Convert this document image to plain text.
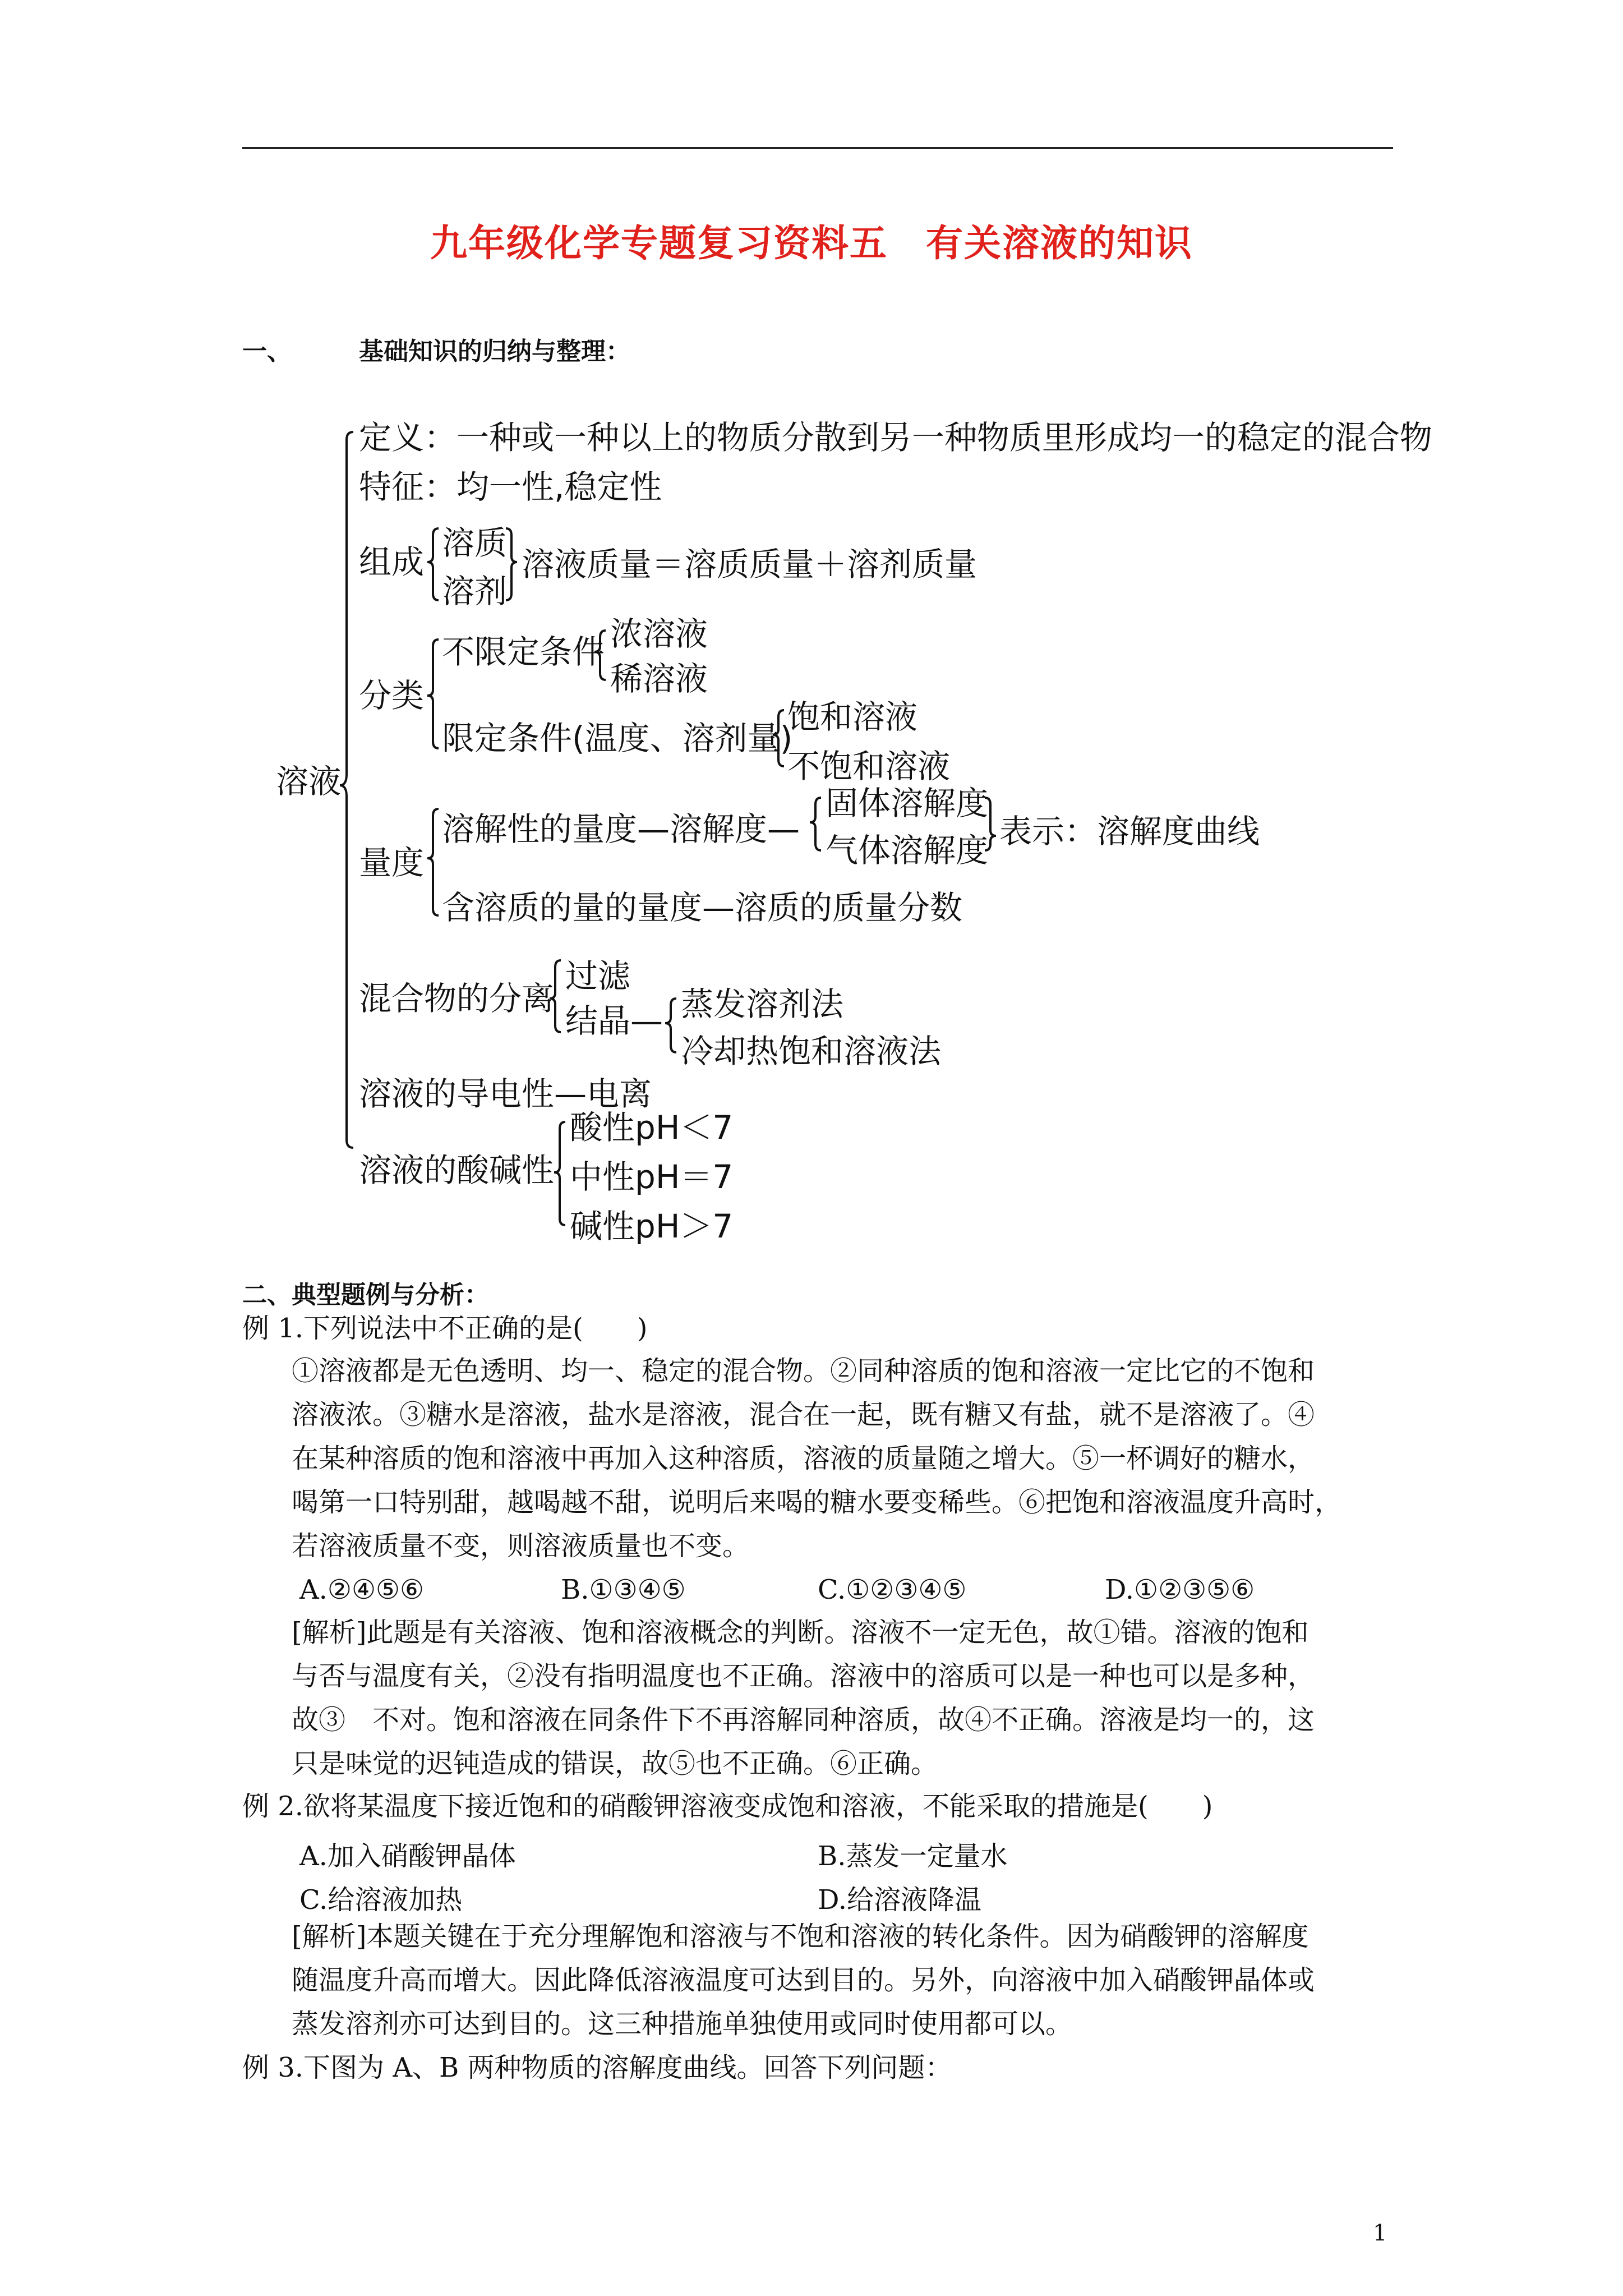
九年级化学专题复习资料五　有关溶液的知识
一、	基础知识的归纳与整理：
溶液
定义：一种或一种以上的物质分散到另一种物质里形成均一的稳定的混合物
特征：均一性,稳定性
组成 溶质
溶剂
溶液质量＝溶质质量＋溶剂质量
分类
不限定条件 浓溶液
稀溶液
限定条件(温度、溶剂量)
饱和溶液
不饱和溶液
量度
溶解性的量度—溶解度—
固体溶解度
气体溶解度 表示：溶解度曲线
含溶质的量的量度—溶质的质量分数
混合物的分离
过滤
结晶— 蒸发溶剂法
冷却热饱和溶液法
溶液的导电性—电离
溶液的酸碱性
酸性pH＜7
中性pH＝7
碱性pH＞7
二、典型题例与分析：
例 1.下列说法中不正确的是(　　)
①溶液都是无色透明、均一、稳定的混合物。②同种溶质的饱和溶液一定比它的不饱和
溶液浓。③糖水是溶液，盐水是溶液，混合在一起，既有糖又有盐，就不是溶液了。④
在某种溶质的饱和溶液中再加入这种溶质，溶液的质量随之增大。⑤一杯调好的糖水，
喝第一口特别甜，越喝越不甜，说明后来喝的糖水要变稀些。⑥把饱和溶液温度升高时，
若溶液质量不变，则溶液质量也不变。
A.②④⑤⑥	B.①③④⑤	C.①②③④⑤	D.①②③⑤⑥
[解析]此题是有关溶液、饱和溶液概念的判断。溶液不一定无色，故①错。溶液的饱和
与否与温度有关，②没有指明温度也不正确。溶液中的溶质可以是一种也可以是多种，
故③　不对。饱和溶液在同条件下不再溶解同种溶质，故④不正确。溶液是均一的，这
只是味觉的迟钝造成的错误，故⑤也不正确。⑥正确。
例 2.欲将某温度下接近饱和的硝酸钾溶液变成饱和溶液，不能采取的措施是(　　)
A.加入硝酸钾晶体	B.蒸发一定量水
C.给溶液加热	D.给溶液降温
[解析]本题关键在于充分理解饱和溶液与不饱和溶液的转化条件。因为硝酸钾的溶解度
随温度升高而增大。因此降低溶液温度可达到目的。另外，向溶液中加入硝酸钾晶体或
蒸发溶剂亦可达到目的。这三种措施单独使用或同时使用都可以。
例 3.下图为 A、B 两种物质的溶解度曲线。回答下列问题：
1
